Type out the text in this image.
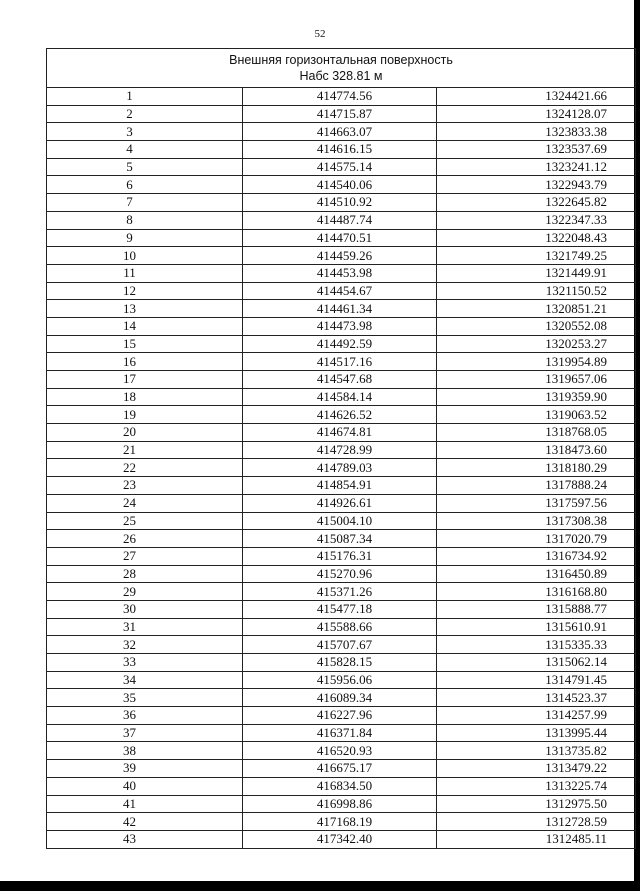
52
Внешняя горизонтальная поверхность
Набс 328.81 м		

1	414774.56	1324421.66
2	414715.87	1324128.07
3	414663.07	1323833.38
4	414616.15	1323537.69
5	414575.14	1323241.12
6	414540.06	1322943.79
7	414510.92	1322645.82
8	414487.74	1322347.33
9	414470.51	1322048.43
10	414459.26	1321749.25
11	414453.98	1321449.91
12	414454.67	1321150.52
13	414461.34	1320851.21
14	414473.98	1320552.08
15	414492.59	1320253.27
16	414517.16	1319954.89
17	414547.68	1319657.06
18	414584.14	1319359.90
19	414626.52	1319063.52
20	414674.81	1318768.05
21	414728.99	1318473.60
22	414789.03	1318180.29
23	414854.91	1317888.24
24	414926.61	1317597.56
25	415004.10	1317308.38
26	415087.34	1317020.79
27	415176.31	1316734.92
28	415270.96	1316450.89
29	415371.26	1316168.80
30	415477.18	1315888.77
31	415588.66	1315610.91
32	415707.67	1315335.33
33	415828.15	1315062.14
34	415956.06	1314791.45
35	416089.34	1314523.37
36	416227.96	1314257.99
37	416371.84	1313995.44
38	416520.93	1313735.82
39	416675.17	1313479.22
40	416834.50	1313225.74
41	416998.86	1312975.50
42	417168.19	1312728.59
43	417342.40	1312485.11
